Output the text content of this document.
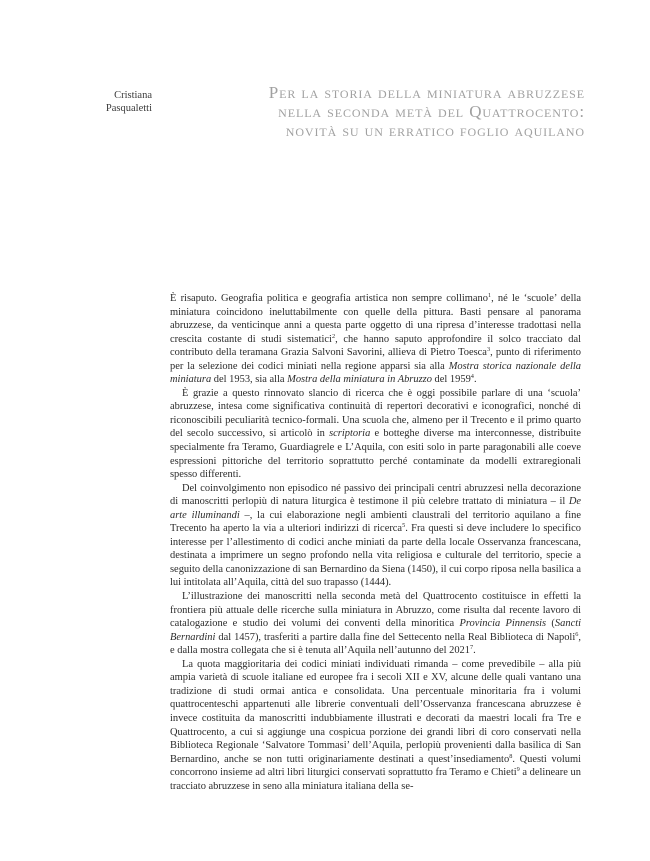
Cristiana
Pasqualetti
Per la storia della miniatura abruzzese
nella seconda metà del Quattrocento:
novità su un erratico foglio aquilano

È risaputo. Geografia politica e geografia artistica non sempre collimano$^1$, né le ‘scuole’ della miniatura coincidono ineluttabilmente con quelle della pittura. Basti pensare al panorama abruzzese, da venticinque anni a questa parte oggetto di una ripresa d’interesse tradottasi nella crescita costante di studi sistematici$^2$, che hanno saputo approfondire il solco tracciato dal contributo della teramana Grazia Salvoni Savorini, allieva di Pietro Toesca$^3$, punto di riferimento per la selezione dei codici miniati nella regione apparsi sia alla Mostra storica nazionale della miniatura del 1953, sia alla Mostra della miniatura in Abruzzo del 1959$^4$.

È grazie a questo rinnovato slancio di ricerca che è oggi possibile parlare di una ‘scuola’ abruzzese, intesa come significativa continuità di repertori decorativi e iconografici, nonché di riconoscibili peculiarità tecnico-formali. Una scuola che, almeno per il Trecento e il primo quarto del secolo successivo, si articolò in scriptoria e botteghe diverse ma interconnesse, distribuite specialmente fra Teramo, Guardiagrele e L’Aquila, con esiti solo in parte paragonabili alle coeve espressioni pittoriche del territorio soprattutto perché contaminate da modelli extraregionali spesso differenti.

Del coinvolgimento non episodico né passivo dei principali centri abruzzesi nella decorazione di manoscritti perlopiù di natura liturgica è testimone il più celebre trattato di miniatura – il De arte illuminandi –, la cui elaborazione negli ambienti claustrali del territorio aquilano a fine Trecento ha aperto la via a ulteriori indirizzi di ricerca$^5$. Fra questi si deve includere lo specifico interesse per l’allestimento di codici anche miniati da parte della locale Osservanza francescana, destinata a imprimere un segno profondo nella vita religiosa e culturale del territorio, specie a seguito della canonizzazione di san Bernardino da Siena (1450), il cui corpo riposa nella basilica a lui intitolata all’Aquila, città del suo trapasso (1444).

L’illustrazione dei manoscritti nella seconda metà del Quattrocento costituisce in effetti la frontiera più attuale delle ricerche sulla miniatura in Abruzzo, come risulta dal recente lavoro di catalogazione e studio dei volumi dei conventi della minoritica Provincia Pinnensis (Sancti Bernardini dal 1457), trasferiti a partire dalla fine del Settecento nella Real Biblioteca di Napoli$^6$, e dalla mostra collegata che si è tenuta all’Aquila nell’autunno del 2021$^7$.

La quota maggioritaria dei codici miniati individuati rimanda – come prevedibile – alla più ampia varietà di scuole italiane ed europee fra i secoli XII e XV, alcune delle quali vantano una tradizione di studi ormai antica e consolidata. Una percentuale minoritaria fra i volumi quattrocenteschi appartenuti alle librerie conventuali dell’Osservanza francescana abruzzese è invece costituita da manoscritti indubbiamente illustrati e decorati da maestri locali fra Tre e Quattrocento, a cui si aggiunge una cospicua porzione dei grandi libri di coro conservati nella Biblioteca Regionale ‘Salvatore Tommasi’ dell’Aquila, perlopiù provenienti dalla basilica di San Bernardino, anche se non tutti originariamente destinati a quest’insediamento$^8$. Questi volumi concorrono insieme ad altri libri liturgici conservati soprattutto fra Teramo e Chieti$^9$ a delineare un tracciato abruzzese in seno alla miniatura italiana della se-
